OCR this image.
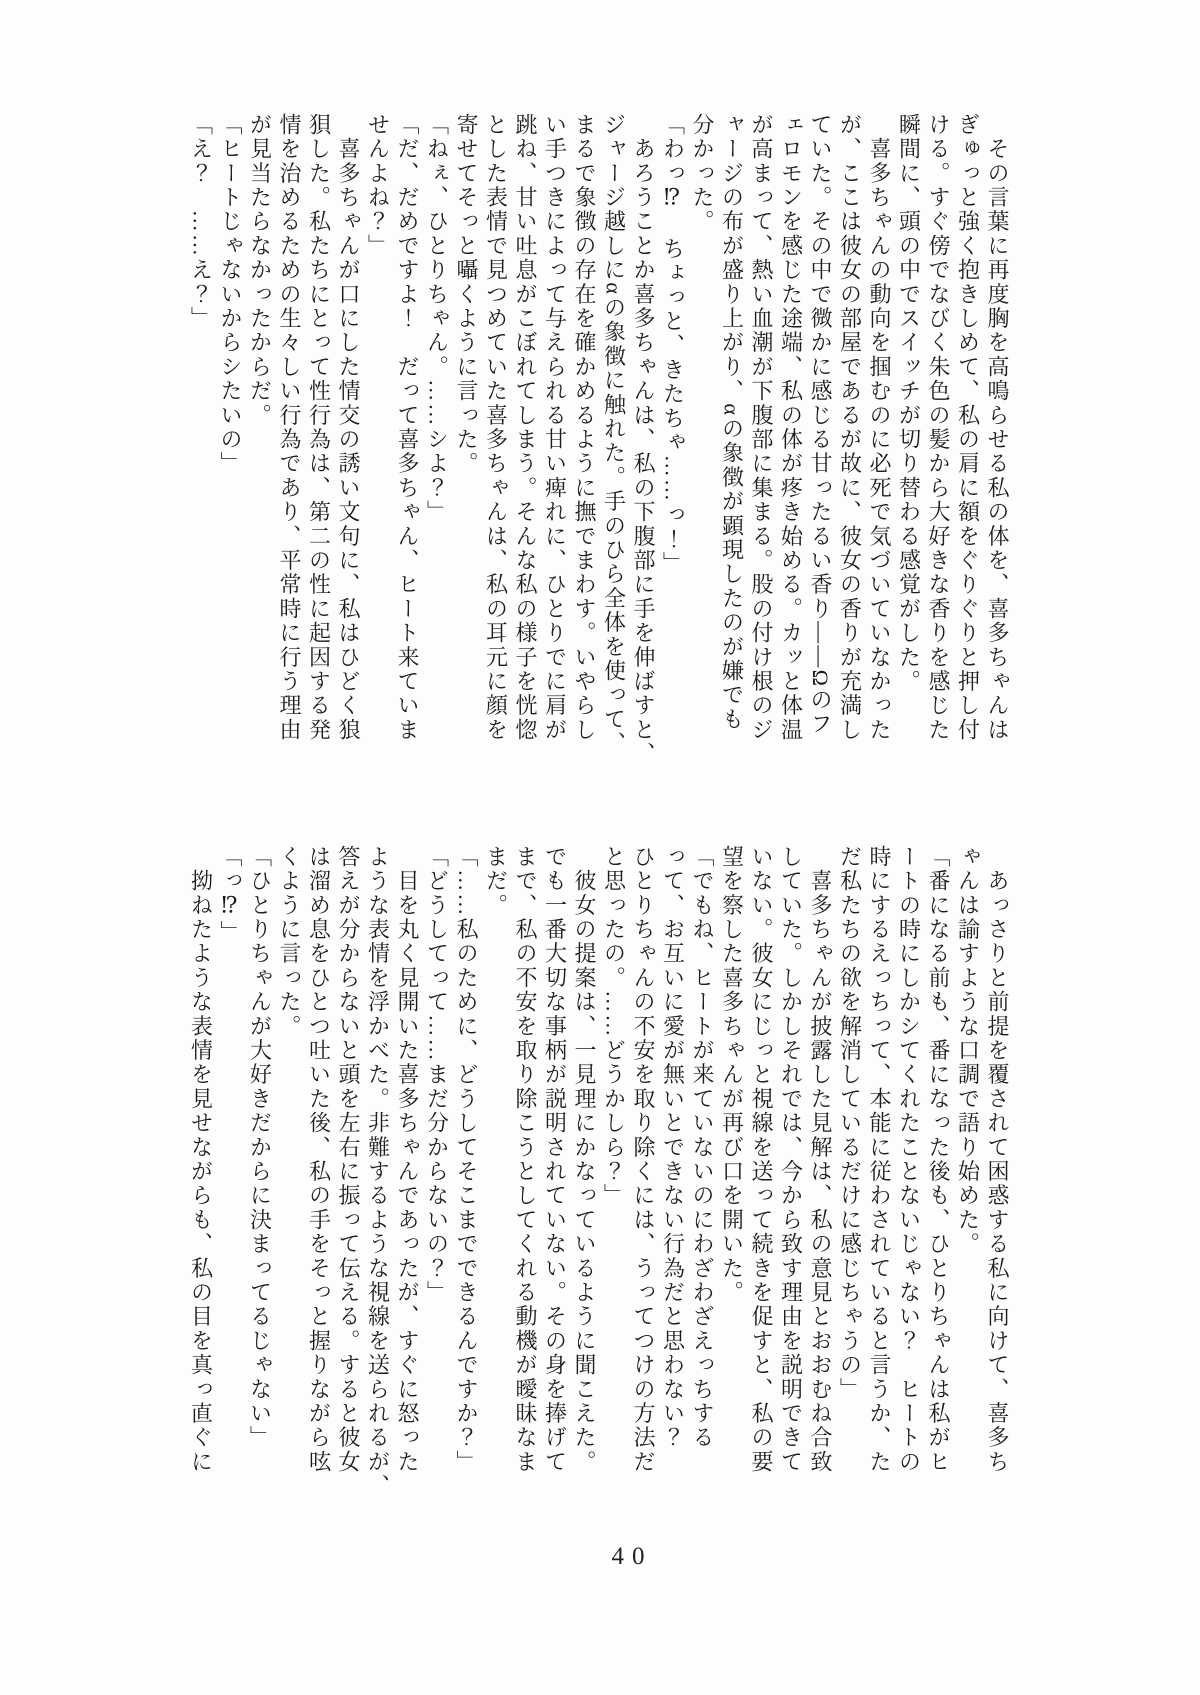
　その言葉に再度胸を高鳴らせる私の体を、喜多ちゃんは
ぎゅっと強く抱きしめて、私の肩に額をぐりぐりと押し付
ける。すぐ傍でなびく朱色の髪から大好きな香りを感じた
瞬間に、頭の中でスイッチが切り替わる感覚がした。
　喜多ちゃんの動向を掴むのに必死で気づいていなかった
が、ここは彼女の部屋であるが故に、彼女の香りが充満し
ていた。その中で微かに感じる甘ったるい香り――Ωのフ
ェロモンを感じた途端、私の体が疼き始める。カッと体温
が高まって、熱い血潮が下腹部に集まる。股の付け根のジ
ャージの布が盛り上がり、αの象徴が顕現したのが嫌でも
分かった。
「わっ⁉　ちょっと、きたちゃ……っ！」
　あろうことか喜多ちゃんは、私の下腹部に手を伸ばすと、
ジャージ越しにαの象徴に触れた。手のひら全体を使って、
まるで象徴の存在を確かめるように撫でまわす。いやらし
い手つきによって与えられる甘い痺れに、ひとりでに肩が
跳ね、甘い吐息がこぼれてしまう。そんな私の様子を恍惚
とした表情で見つめていた喜多ちゃんは、私の耳元に顔を
寄せてそっと囁くように言った。
「ねぇ、ひとりちゃん。……シよ？」
「だ、だめですよ！　だって喜多ちゃん、ヒート来ていま
せんよね？」
　喜多ちゃんが口にした情交の誘い文句に、私はひどく狼
狽した。私たちにとって性行為は、第二の性に起因する発
情を治めるための生々しい行為であり、平常時に行う理由
が見当たらなかったからだ。
「ヒートじゃないからシたいの」
「え？　……え？」
　あっさりと前提を覆されて困惑する私に向けて、喜多ち
ゃんは諭すような口調で語り始めた。
「番になる前も、番になった後も、ひとりちゃんは私がヒ
ートの時にしかシてくれたことないじゃない？　ヒートの
時にするえっちって、本能に従わされていると言うか、た
だ私たちの欲を解消しているだけに感じちゃうの」
　喜多ちゃんが披露した見解は、私の意見とおおむね合致
していた。しかしそれでは、今から致す理由を説明できて
いない。彼女にじっと視線を送って続きを促すと、私の要
望を察した喜多ちゃんが再び口を開いた。
「でもね、ヒートが来ていないのにわざわざえっちする
って、お互いに愛が無いとできない行為だと思わない？
ひとりちゃんの不安を取り除くには、うってつけの方法だ
と思ったの。……どうかしら？」
　彼女の提案は、一見理にかなっているように聞こえた。
でも一番大切な事柄が説明されていない。その身を捧げて
まで、私の不安を取り除こうとしてくれる動機が曖昧なま
まだ。
「……私のために、どうしてそこまでできるんですか？」
「どうしてって……まだ分からないの？」
　目を丸く見開いた喜多ちゃんであったが、すぐに怒った
ような表情を浮かべた。非難するような視線を送られるが、
答えが分からないと頭を左右に振って伝える。すると彼女
は溜め息をひとつ吐いた後、私の手をそっと握りながら呟
くように言った。
「ひとりちゃんが大好きだからに決まってるじゃない」
「っ⁉」
　拗ねたような表情を見せながらも、私の目を真っ直ぐに
40
